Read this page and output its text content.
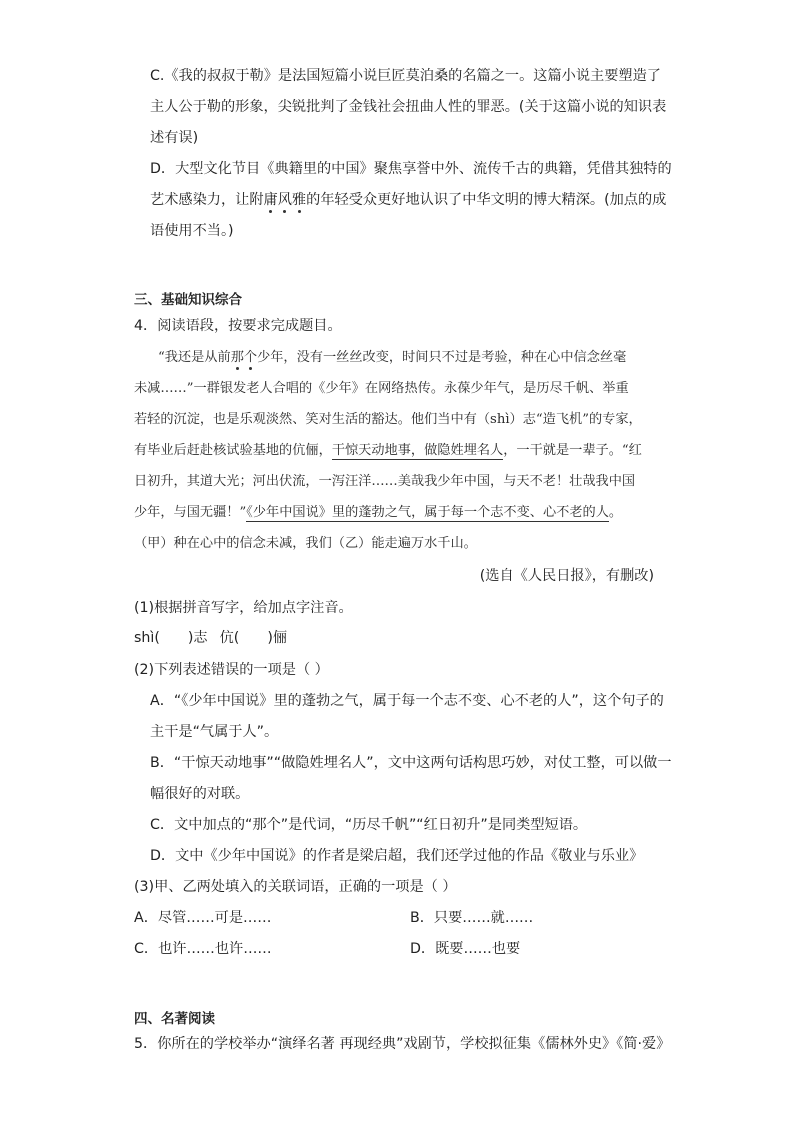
C.《我的叔叔于勒》是法国短篇小说巨匠莫泊桑的名篇之一。这篇小说主要塑造了
主人公于勒的形象，尖锐批判了金钱社会扭曲人性的罪恶。(关于这篇小说的知识表
述有误)
D．大型文化节目《典籍里的中国》聚焦享誉中外、流传千古的典籍，凭借其独特的
艺术感染力，让附庸风雅的年轻受众更好地认识了中华文明的博大精深。(加点的成
语使用不当。)
三、基础知识综合
4．阅读语段，按要求完成题目。
“我还是从前那个少年，没有一丝丝改变，时间只不过是考验，种在心中信念丝毫
未减……”一群银发老人合唱的《少年》在网络热传。永葆少年气，是历尽千帆、举重
若轻的沉淀，也是乐观淡然、笑对生活的豁达。他们当中有（shì）志“造飞机”的专家，
有毕业后赶赴核试验基地的伉俪，干惊天动地事，做隐姓埋名人，一干就是一辈子。“红
日初升，其道大光；河出伏流，一泻汪洋……美哉我少年中国，与天不老！壮哉我中国
少年，与国无疆！”《少年中国说》里的蓬勃之气，属于每一个志不变、心不老的人。
（甲）种在心中的信念未减，我们（乙）能走遍万水千山。
(选自《人民日报》，有删改)
(1)根据拼音写字，给加点字注音。
shì( )志 伉( )俪
(2)下列表述错误的一项是（ ）
A．“《少年中国说》里的蓬勃之气，属于每一个志不变、心不老的人”，这个句子的
主干是“气属于人”。
B．“干惊天动地事”“做隐姓埋名人”，文中这两句话构思巧妙，对仗工整，可以做一
幅很好的对联。
C．文中加点的“那个”是代词，“历尽千帆”“红日初升”是同类型短语。
D．文中《少年中国说》的作者是梁启超，我们还学过他的作品《敬业与乐业》
(3)甲、乙两处填入的关联词语，正确的一项是（ ）
A．尽管……可是……	B．只要……就……
C．也许……也许……	D．既要……也要
四、名著阅读
5．你所在的学校举办“演绎名著 再现经典”戏剧节，学校拟征集《儒林外史》《简·爱》
